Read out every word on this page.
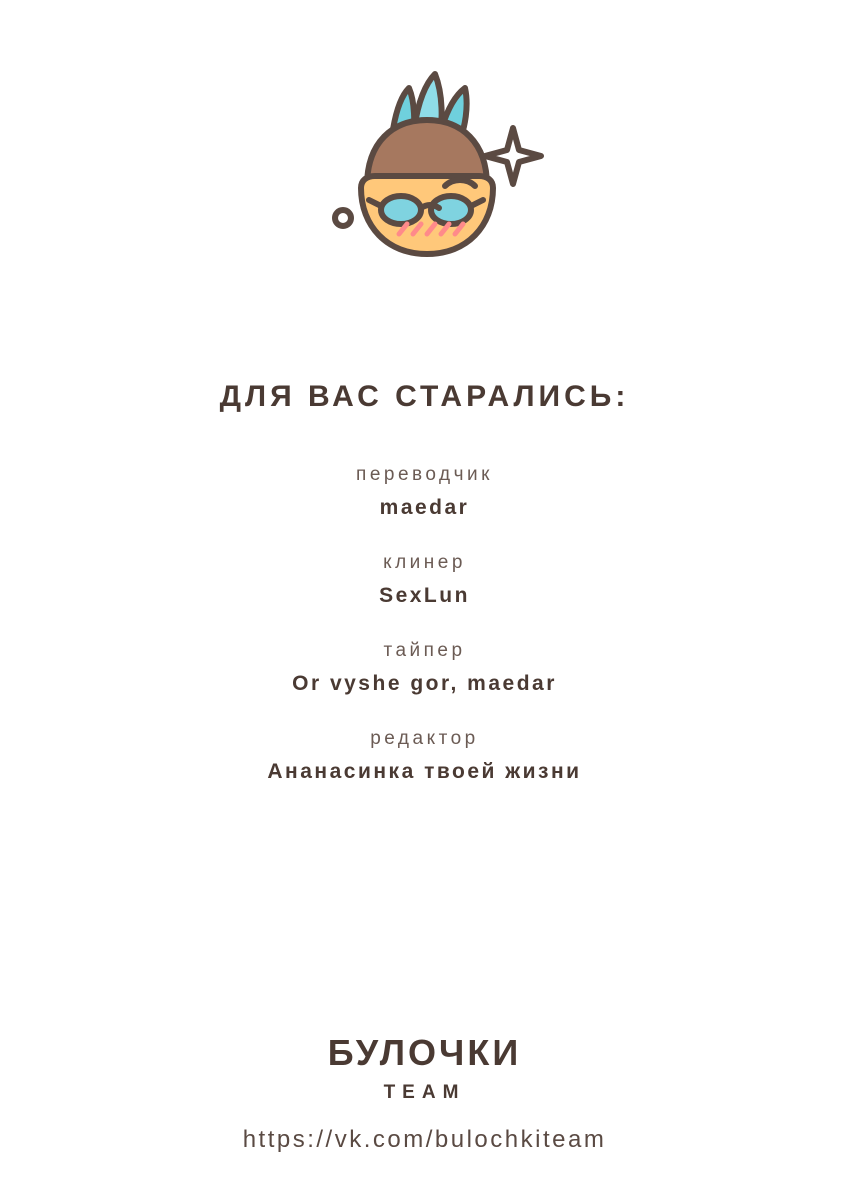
ДЛЯ ВАС СТАРАЛИСЬ:
переводчик
maedar
клинер
SexLun
тайпер
Or vyshe gor, maedar
редактор
Ананасинка твоей жизни
БУЛОЧКИ
TEAM
https://vk.com/bulochkiteam
